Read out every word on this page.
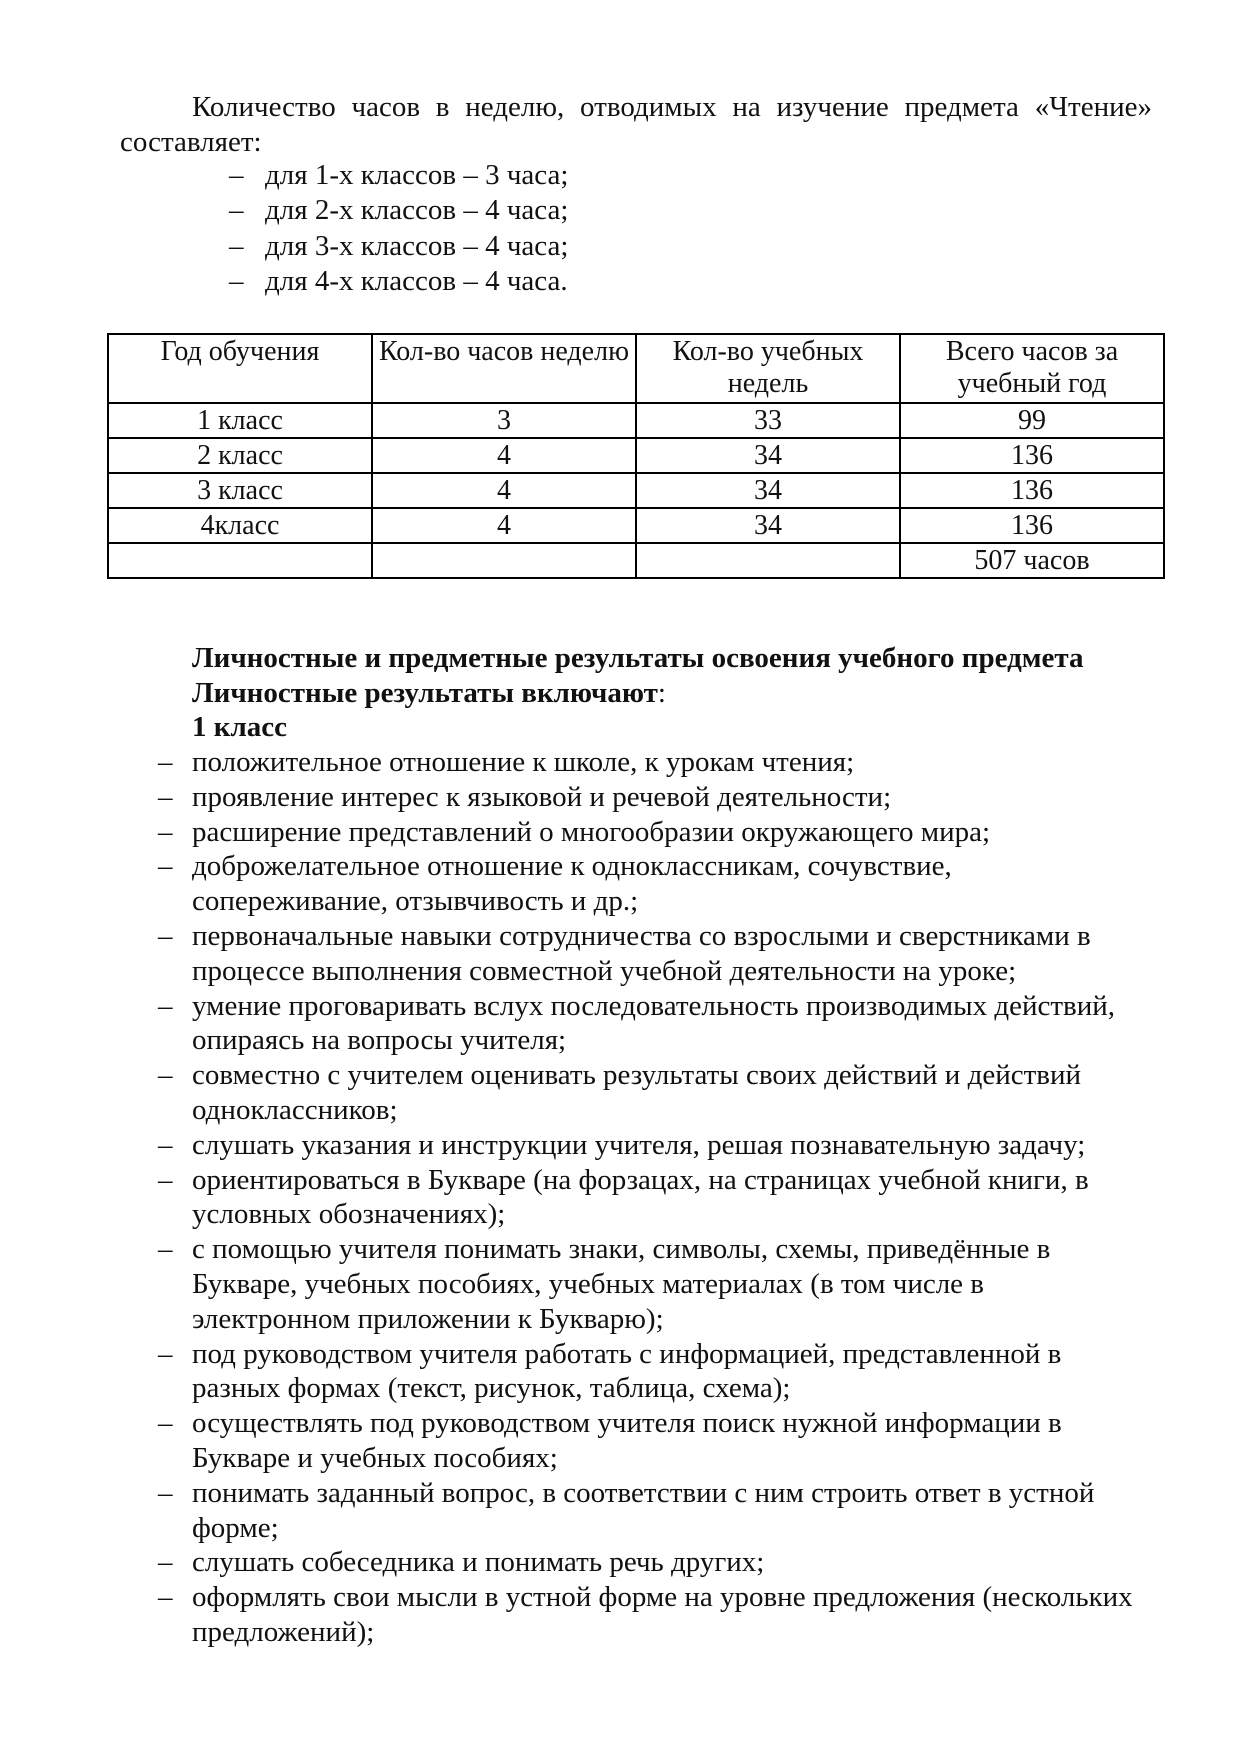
Количество часов в неделю, отводимых на изучение предмета «Чтение» составляет:
– для 1-х классов – 3 часа;
– для 2-х классов – 4 часа;
– для 3-х классов – 4 часа;
– для 4-х классов – 4 часа.
Год обучения	Кол-во часов неделю	Кол-во учебных недель	Всего часов за учебный год
1 класс	3	33	99
2 класс	4	34	136
3 класс	4	34	136
4класс	4	34	136
			507 часов
Личностные и предметные результаты освоения учебного предмета
Личностные результаты включают:
1 класс
– положительное отношение к школе, к урокам чтения;
– проявление интерес к языковой и речевой деятельности;
– расширение представлений о многообразии окружающего мира;
– доброжелательное отношение к одноклассникам, сочувствие,
сопереживание, отзывчивость и др.;
– первоначальные навыки сотрудничества со взрослыми и сверстниками в
процессе выполнения совместной учебной деятельности на уроке;
– умение проговаривать вслух последовательность производимых действий,
опираясь на вопросы учителя;
– совместно с учителем оценивать результаты своих действий и действий
одноклассников;
– слушать указания и инструкции учителя, решая познавательную задачу;
– ориентироваться в Букваре (на форзацах, на страницах учебной книги, в
условных обозначениях);
– с помощью учителя понимать знаки, символы, схемы, приведённые в
Букваре, учебных пособиях, учебных материалах (в том числе в
электронном приложении к Букварю);
– под руководством учителя работать с информацией, представленной в
разных формах (текст, рисунок, таблица, схема);
– осуществлять под руководством учителя поиск нужной информации в
Букваре и учебных пособиях;
– понимать заданный вопрос, в соответствии с ним строить ответ в устной
форме;
– слушать собеседника и понимать речь других;
– оформлять свои мысли в устной форме на уровне предложения (нескольких
предложений);
